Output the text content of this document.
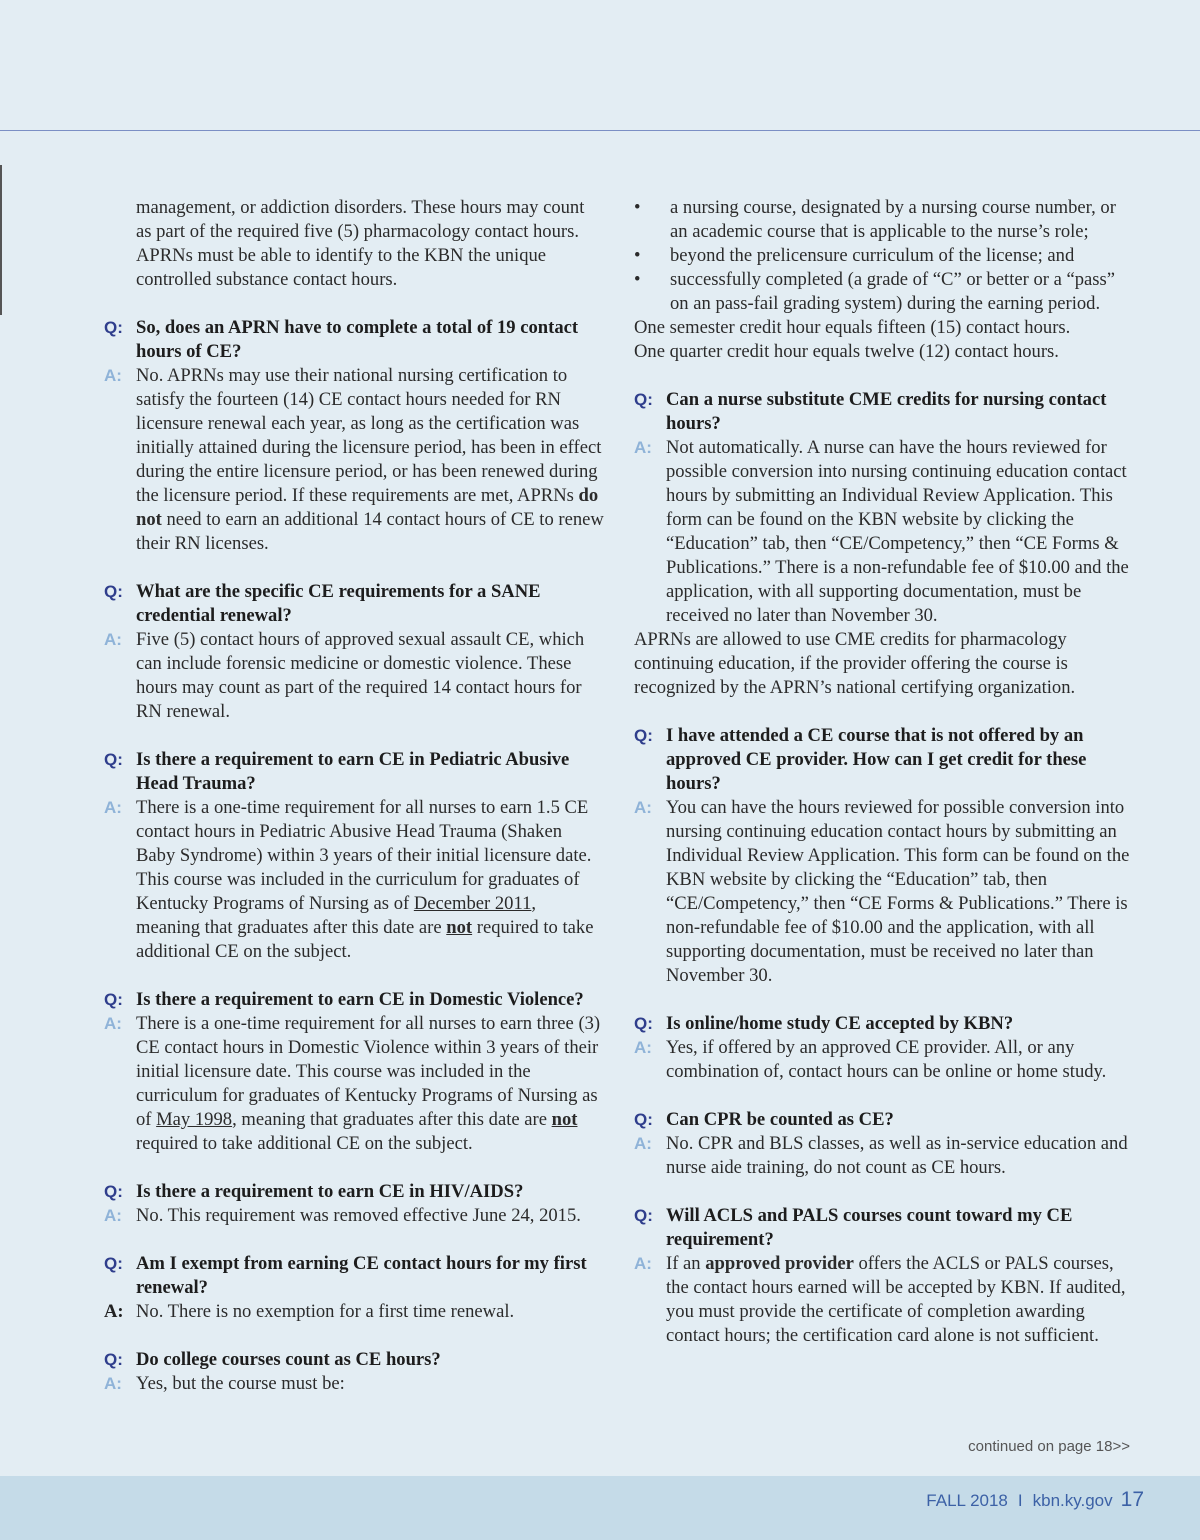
management, or addiction disorders. These hours may count as part of the required five (5) pharmacology contact hours. APRNs must be able to identify to the KBN the unique controlled substance contact hours.

Q: So, does an APRN have to complete a total of 19 contact hours of CE?
A: No. APRNs may use their national nursing certification to satisfy the fourteen (14) CE contact hours needed for RN licensure renewal each year, as long as the certification was initially attained during the licensure period, has been in effect during the entire licensure period, or has been renewed during the licensure period. If these requirements are met, APRNs do not need to earn an additional 14 contact hours of CE to renew their RN licenses.
Q: What are the specific CE requirements for a SANE credential renewal?
A: Five (5) contact hours of approved sexual assault CE, which can include forensic medicine or domestic violence. These hours may count as part of the required 14 contact hours for RN renewal.
Q: Is there a requirement to earn CE in Pediatric Abusive Head Trauma?
A: There is a one-time requirement for all nurses to earn 1.5 CE contact hours in Pediatric Abusive Head Trauma (Shaken Baby Syndrome) within 3 years of their initial licensure date. This course was included in the curriculum for graduates of Kentucky Programs of Nursing as of December 2011, meaning that graduates after this date are not required to take additional CE on the subject.
Q: Is there a requirement to earn CE in Domestic Violence?
A: There is a one-time requirement for all nurses to earn three (3) CE contact hours in Domestic Violence within 3 years of their initial licensure date. This course was included in the curriculum for graduates of Kentucky Programs of Nursing as of May 1998, meaning that graduates after this date are not required to take additional CE on the subject.
Q: Is there a requirement to earn CE in HIV/AIDS?
A: No. This requirement was removed effective June 24, 2015.
Q: Am I exempt from earning CE contact hours for my first renewal?
A: No. There is no exemption for a first time renewal.
Q: Do college courses count as CE hours?
A: Yes, but the course must be:

• a nursing course, designated by a nursing course number, or an academic course that is applicable to the nurse’s role;

• beyond the prelicensure curriculum of the license; and

• successfully completed (a grade of “C” or better or a “pass” on an pass-fail grading system) during the earning period.

One semester credit hour equals fifteen (15) contact hours.

One quarter credit hour equals twelve (12) contact hours.

Q: Can a nurse substitute CME credits for nursing contact hours?
A: Not automatically. A nurse can have the hours reviewed for possible conversion into nursing continuing education contact hours by submitting an Individual Review Application. This form can be found on the KBN website by clicking the “Education” tab, then “CE/Competency,” then “CE Forms & Publications.” There is a non-refundable fee of $10.00 and the application, with all supporting documentation, must be received no later than November 30.

APRNs are allowed to use CME credits for pharmacology continuing education, if the provider offering the course is recognized by the APRN’s national certifying organization.

Q: I have attended a CE course that is not offered by an approved CE provider. How can I get credit for these hours?
A: You can have the hours reviewed for possible conversion into nursing continuing education contact hours by submitting an Individual Review Application. This form can be found on the KBN website by clicking the “Education” tab, then “CE/Competency,” then “CE Forms & Publications.” There is non-refundable fee of $10.00 and the application, with all supporting documentation, must be received no later than November 30.
Q: Is online/home study CE accepted by KBN?
A: Yes, if offered by an approved CE provider. All, or any combination of, contact hours can be online or home study.
Q: Can CPR be counted as CE?
A: No. CPR and BLS classes, as well as in-service education and nurse aide training, do not count as CE hours.
Q: Will ACLS and PALS courses count toward my CE requirement?
A: If an approved provider offers the ACLS or PALS courses, the contact hours earned will be accepted by KBN. If audited, you must provide the certificate of completion awarding contact hours; the certification card alone is not sufficient.
continued on page 18>>
FALL 2018 I kbn.ky.gov 17
